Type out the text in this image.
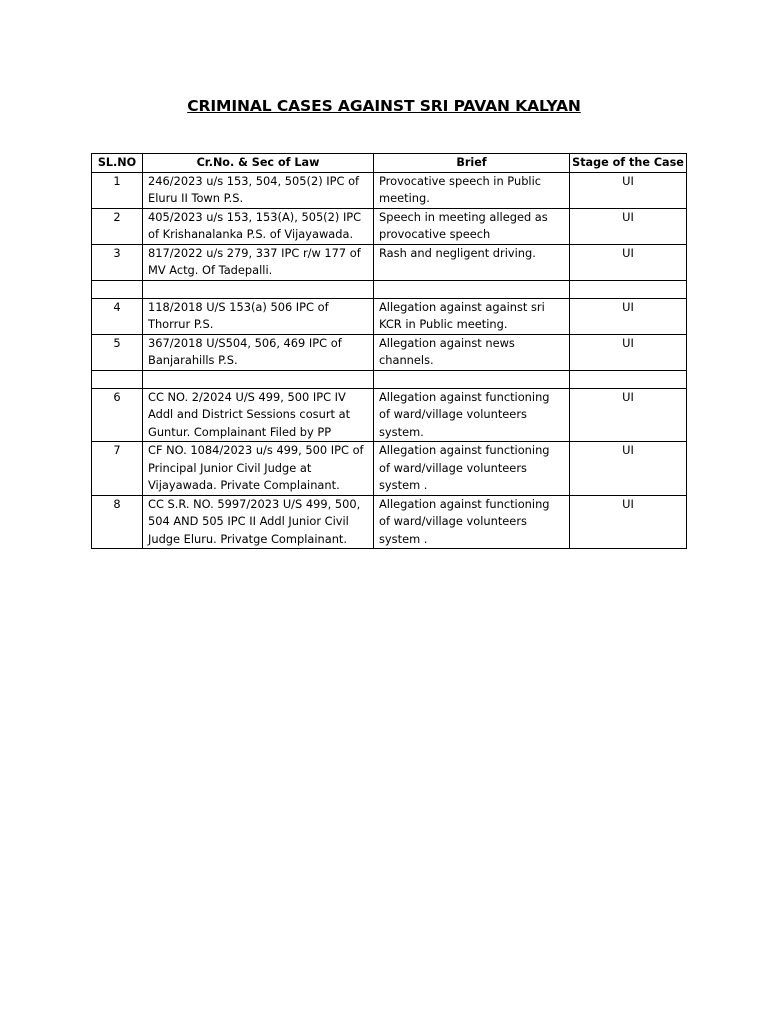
CRIMINAL CASES AGAINST SRI PAVAN KALYAN
SL.NO	Cr.No. & Sec of Law	Brief	Stage of the Case
1	246/2023 u/s 153, 504, 505(2) IPC of Eluru II Town P.S.	Provocative speech in Public meeting.	UI
2	405/2023 u/s 153, 153(A), 505(2) IPC of Krishanalanka P.S. of Vijayawada.	Speech in meeting alleged as provocative speech	UI
3	817/2022 u/s 279, 337 IPC r/w 177 of MV Actg. Of Tadepalli.	Rash and negligent driving.	UI

4	118/2018 U/S 153(a) 506 IPC of Thorrur P.S.	Allegation against against sri KCR in Public meeting.	UI
5	367/2018 U/S504, 506, 469 IPC of Banjarahills P.S.	Allegation against news channels.	UI

6	CC NO. 2/2024 U/S 499, 500 IPC IV Addl and District Sessions cosurt at Guntur. Complainant Filed by PP	Allegation against functioning of ward/village volunteers system.	UI
7	CF NO. 1084/2023 u/s 499, 500 IPC of Principal Junior Civil Judge at Vijayawada. Private Complainant.	Allegation against functioning of ward/village volunteers system .	UI
8	CC S.R. NO. 5997/2023 U/S 499, 500, 504 AND 505 IPC II Addl Junior Civil Judge Eluru. Privatge Complainant.	Allegation against functioning of ward/village volunteers system .	UI
